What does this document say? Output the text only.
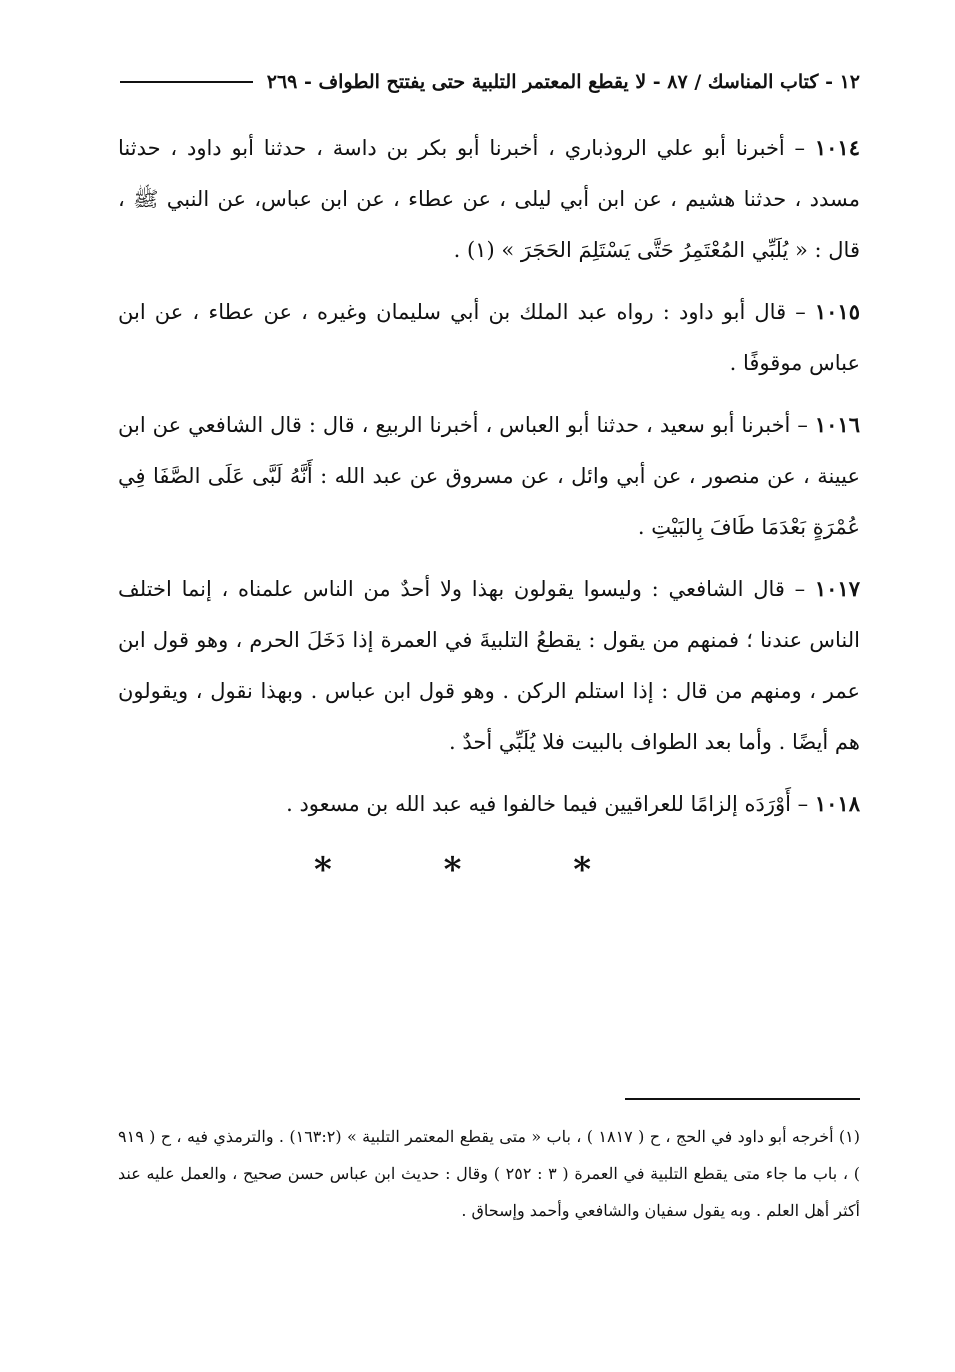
١٢ - كتاب المناسك / ٨٧ - لا يقطع المعتمر التلبية حتى يفتتح الطواف - ٢٦٩

١٠١٤ – أخبرنا أبو علي الروذباري ، أخبرنا أبو بكر بن داسة ، حدثنا أبو داود ، حدثنا مسدد ، حدثنا هشيم ، عن ابن أبي ليلى ، عن عطاء ، عن ابن عباس، عن النبي ﷺ ، قال : « يُلَبِّي المُعْتَمِرُ حَتَّى يَسْتَلِمَ الحَجَرَ » (١) .

١٠١٥ – قال أبو داود : رواه عبد الملك بن أبي سليمان وغيره ، عن عطاء ، عن ابن عباس موقوفًا .

١٠١٦ – أخبرنا أبو سعيد ، حدثنا أبو العباس ، أخبرنا الربيع ، قال : قال الشافعي عن ابن عيينة ، عن منصور ، عن أبي وائل ، عن مسروق عن عبد الله : أَنَّهُ لَبَّى عَلَى الصَّفَا فِي عُمْرَةٍ بَعْدَمَا طَافَ بِالبَيْتِ .

١٠١٧ – قال الشافعي : وليسوا يقولون بهذا ولا أحدٌ من الناس علمناه ، إنما اختلف الناس عندنا ؛ فمنهم من يقول : يقطعُ التلبيةَ في العمرة إذا دَخَلَ الحرم ، وهو قول ابن عمر ، ومنهم من قال : إذا استلم الركن . وهو قول ابن عباس . وبهذا نقول ، ويقولون هم أيضًا . وأما بعد الطواف بالبيت فلا يُلَبِّي أحدٌ .

١٠١٨ – أَوْرَدَه إلزامًا للعراقيين فيما خالفوا فيه عبد الله بن مسعود .

* * *

(١) أخرجه أبو داود في الحج ، ح ( ١٨١٧ ) ، باب « متى يقطع المعتمر التلبية » (١٦٣:٢) . والترمذي فيه ، ح ( ٩١٩ ) ، باب ما جاء متى يقطع التلبية في العمرة ( ٣ : ٢٥٢ ) وقال : حديث ابن عباس حسن صحيح ، والعمل عليه عند أكثر أهل العلم . وبه يقول سفيان والشافعي وأحمد وإسحاق .
